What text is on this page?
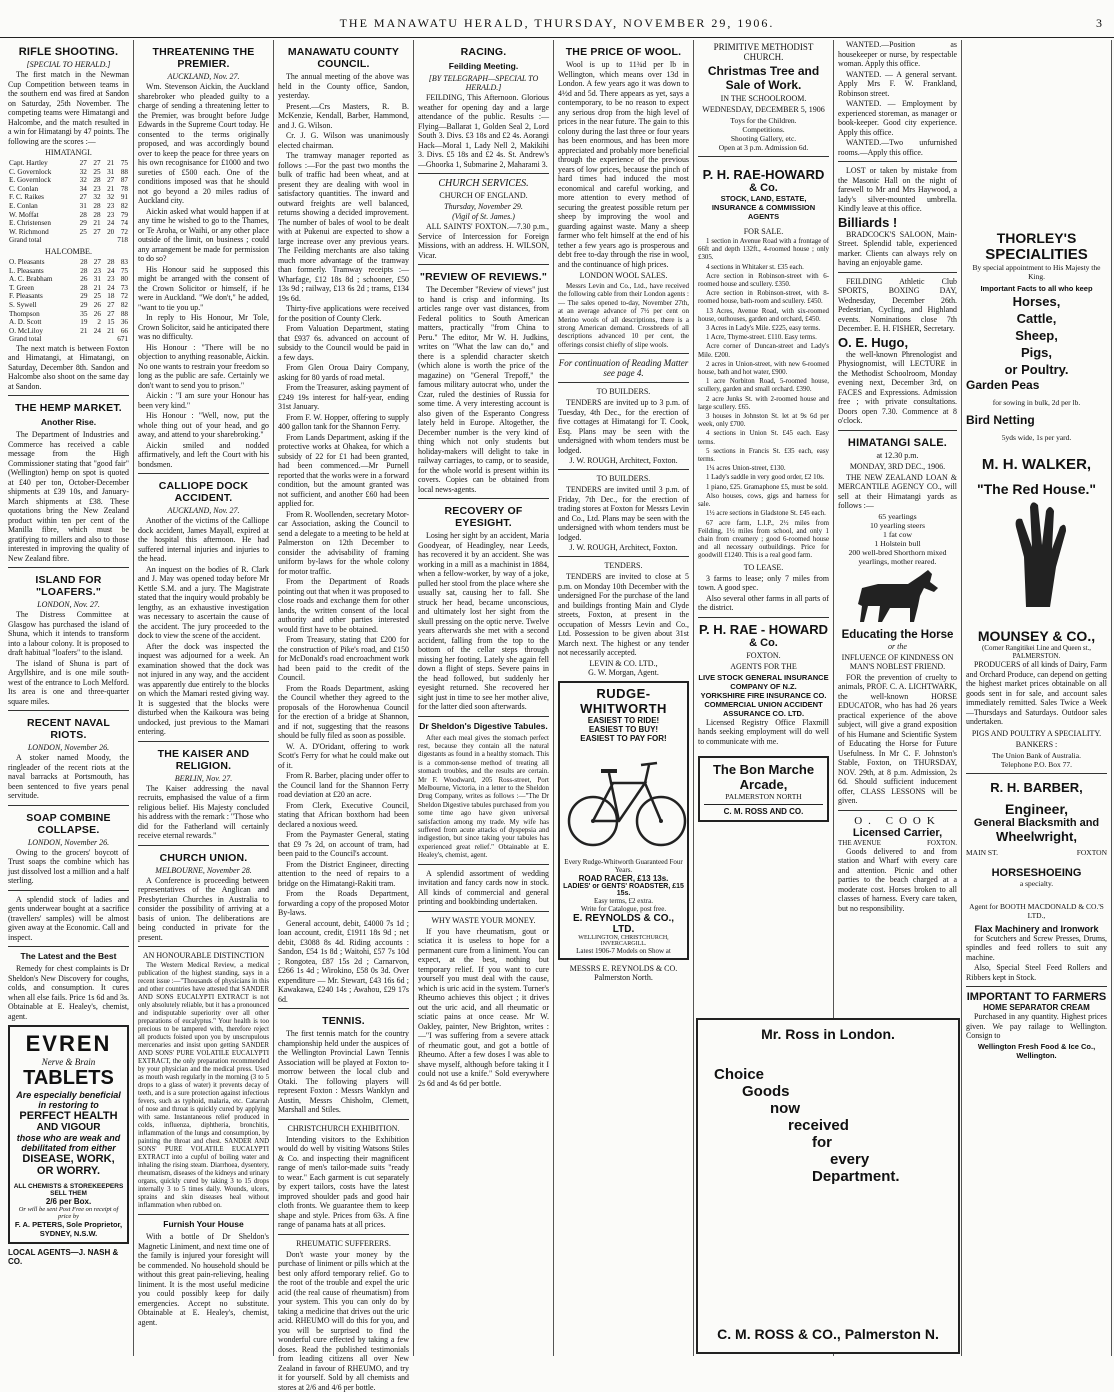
THE MANAWATU HERALD, THURSDAY, NOVEMBER 29, 1906.	3
RIFLE SHOOTING.
[SPECIAL TO HERALD.]

The first match in the Newman Cup Competition between teams in the southern end was fired at Sandon on Saturday, 25th November. The competing teams were Himatangi and Halcombe, and the match resulted in a win for Himatangi by 47 points. The following are the scores :—

HIMATANGI.
Capt. Hartley	27	27	21	75
C. Governlock	32	25	31	88
E. Governlock	32	28	27	87
C. Conlan	34	23	21	78
F. C. Raikes	27	32	32	91
E. Conlan	31	28	23	82
W. Moffat	28	28	23	79
E. Christensen	29	21	24	74
W. Richmond	25	27	20	72
Grand total	718
HALCOMBE.
O. Pleasants	28	27	28	83
L. Pleasants	28	23	24	75
A. C. Brabham	26	31	23	80
T. Green	28	21	24	73
F. Pleasants	29	25	18	72
S. Sywell	29	26	27	82
Thompson	35	26	27	88
A. D. Scott	19	2	15	36
O. McLiloy	21	24	21	66
Grand total	671

The next match is between Foxton and Himatangi, at Himatangi, on Saturday, December 8th. Sandon and Halcombe also shoot on the same day at Sandon.

THE HEMP MARKET.
Another Rise.

The Department of Industries and Commerce has received a cable message from the High Commissioner stating that "good fair" (Wellington) hemp on spot is quoted at £40 per ton, October-December shipments at £39 10s, and January-March shipments at £38. These quotations bring the New Zealand product within ten per cent of the Manilla fibre, which must be gratifying to millers and also to those interested in improving the quality of New Zealand fibre.

ISLAND FOR "LOAFERS."
LONDON, Nov. 27.

The Distress Committee at Glasgow has purchased the island of Shuna, which it intends to transform into a labour colony. It is proposed to draft habitual "loafers" to the island.

The island of Shuna is part of Argyllshire, and is one mile south-west of the entrance to Loch Melford. Its area is one and three-quarter square miles.

RECENT NAVAL RIOTS.
LONDON, November 26.

A stoker named Moody, the ringleader of the recent riots at the naval barracks at Portsmouth, has been sentenced to five years penal servitude.

SOAP COMBINE COLLAPSE.
LONDON, November 26.

Owing to the grocers' boycott of Trust soaps the combine which has just dissolved lost a million and a half sterling.

A splendid stock of ladies and gents underwear bought at a sacrifice (travellers' samples) will be almost given away at the Economic. Call and inspect.

The Latest and the Best

Remedy for chest complaints is Dr Sheldon's New Discovery for coughs, colds, and consumption. It cures when all else fails. Price 1s 6d and 3s. Obtainable at E. Healey's, chemist, agent.

EVREN
Nerve & Brain
TABLETS
Are especially beneficial
in restoring to
PERFECT HEALTH
AND VIGOUR
those who are weak and
debilitated from either
DISEASE, WORK,
OR WORRY.
ALL CHEMISTS & STOREKEEPERS SELL THEM
2/6 per Box.
Or will be sent Post Free on receipt of price by
F. A. PETERS, Sole Proprietor,
SYDNEY, N.S.W.
LOCAL AGENTS—J. NASH & CO.
THREATENING THE PREMIER.
AUCKLAND, Nov. 27.

Wm. Stevenson Aickin, the Auckland sharebroker who pleaded guilty to a charge of sending a threatening letter to the Premier, was brought before Judge Edwards in the Supreme Court today. He consented to the terms originally proposed, and was accordingly bound over to keep the peace for three years on his own recognisance for £1000 and two sureties of £500 each. One of the conditions imposed was that he should not go beyond a 20 miles radius of Auckland city.

Aickin asked what would happen if at any time he wished to go to the Thames, or Te Aroha, or Waihi, or any other place outside of the limit, on business ; could any arrangement be made for permission to do so?

His Honour said he supposed this might be arranged with the consent of the Crown Solicitor or himself, if he were in Auckland. "We don't," he added, "want to tie you up."

In reply to His Honour, Mr Tole, Crown Solicitor, said he anticipated there was no difficulty.

His Honour : "There will be no objection to anything reasonable, Aickin. No one wants to restrain your freedom so long as the public are safe. Certainly we don't want to send you to prison."

Aickin : "I am sure your Honour has been very kind."

His Honour : "Well, now, put the whole thing out of your head, and go away, and attend to your sharebroking."

Aickin smiled and nodded affirmatively, and left the Court with his bondsmen.

CALLIOPE DOCK ACCIDENT.
AUCKLAND, Nov. 27.

Another of the victims of the Calliope dock accident, James Mayall, expired at the hospital this afternoon. He had suffered internal injuries and injuries to the head.

An inquest on the bodies of R. Clark and J. May was opened today before Mr Kettle S.M. and a jury. The Magistrate stated that the inquiry would probably be lengthy, as an exhaustive investigation was necessary to ascertain the cause of the accident. The jury proceeded to the dock to view the scene of the accident.

After the dock was inspected the inquest was adjourned for a week. An examination showed that the dock was not injured in any way, and the accident was apparently due entirely to the blocks on which the Mamari rested giving way. It is suggested that the blocks were disturbed when the Kaikoura was being undocked, just previous to the Mamari entering.

THE KAISER AND RELIGION.
BERLIN, Nov. 27.

The Kaiser addressing the naval recruits, emphasised the value of a firm religious belief. His Majesty concluded his address with the remark : "Those who did for the Fatherland will certainly receive eternal rewards."

CHURCH UNION.
MELBOURNE, November 28.

A Conference is proceeding between representatives of the Anglican and Presbyterian Churches in Australia to consider the possibility of arriving at a basis of union. The deliberations are being conducted in private for the present.

AN HONOURABLE DISTINCTION

The Western Medical Review, a medical publication of the highest standing, says in a recent issue :—"Thousands of physicians in this and other countries have attested that SANDER AND SONS EUCALYPTI EXTRACT is not only absolutely reliable, but it has a pronounced and indisputable superiority over all other preparations of eucalyptus." Your health is too precious to be tampered with, therefore reject all products foisted upon you by unscrupulous mercenaries and insist upon getting SANDER AND SONS' PURE VOLATILE EUCALYPTI EXTRACT, the only preparation recommended by your physician and the medical press. Used as mouth wash regularly in the morning (3 to 5 drops to a glass of water) it prevents decay of teeth, and is a sure protection against infectious fevers, such as typhoid, malaria, etc. Catarrah of nose and throat is quickly cured by applying with same. Instantaneous relief produced in colds, influenza, diphtheria, bronchitis, inflammation of the lungs and consumption, by painting the throat and chest. SANDER AND SONS' PURE VOLATILE EUCALYPTI EXTRACT into a cupful of boiling water and inhaling the rising steam. Diarrhoea, dysentery, rheumatism, diseases of the kidneys and urinary organs, quickly cured by taking 3 to 15 drops internally 3 to 5 times daily. Wounds, ulcers, sprains and skin diseases heal without inflammation when rubbed on.

Furnish Your House

With a bottle of Dr Sheldon's Magnetic Liniment, and next time one of the family is injured your foresight will be commended. No household should be without this great pain-relieving, healing liniment. It is the most useful medicine you could possibly keep for daily emergencies. Accept no substitute. Obtainable at E. Healey's, chemist, agent.

MANAWATU COUNTY COUNCIL.

The annual meeting of the above was held in the County office, Sandon, yesterday.

Present.—Crs Masters, R. B. McKenzie, Kendall, Barber, Hammond, and J. G. Wilson.

Cr. J. G. Wilson was unanimously elected chairman.

The tramway manager reported as follows :—For the past two months the bulk of traffic had been wheat, and at present they are dealing with wool in satisfactory quantities. The inward and outward freights are well balanced, returns showing a decided improvement. The number of bales of wool to be dealt with at Pukenui are expected to show a large increase over any previous years. The Feilding merchants are also taking much more advantage of the tramway than formerly. Tramway receipts :—Wharfage, £12 18s 8d ; schooner, £50 13s 9d ; railway, £13 6s 2d ; trams, £134 19s 6d.

Thirty-five applications were received for the position of County Clerk.

From Valuation Department, stating that £937 6s. advanced on account of subsidy to the Council would be paid in a few days.

From Glen Oroua Dairy Company, asking for 80 yards of road metal.

From the Treasurer, asking payment of £249 19s interest for half-year, ending 31st January.

From F. W. Hopper, offering to supply 400 gallon tank for the Shannon Ferry.

From Lands Department, asking if the protective works at Ohakea, for which a subsidy of 22 for £1 had been granted, had been commenced.—Mr Purnell reported that the works were in a forward condition, but the amount granted was not sufficient, and another £60 had been applied for.

From R. Woollenden, secretary Motor-car Association, asking the Council to send a delegate to a meeting to be held at Palmerston on 12th December to consider the advisability of framing uniform by-laws for the whole colony for motor traffic.

From the Department of Roads pointing out that when it was proposed to close roads and exchange them for other lands, the written consent of the local authority and other parties interested would first have to be obtained.

From Treasury, stating that £200 for the construction of Pike's road, and £150 for McDonald's road encroachment work had been paid to the credit of the Council.

From the Roads Department, asking the Council whether they agreed to the proposals of the Horowhenua Council for the erection of a bridge at Shannon, and if not, suggesting that the reasons should be fully filed as soon as possible.

W. A. D'Oridant, offering to work Scott's Ferry for what he could make out of it.

From R. Barber, placing under offer to the Council land for the Shannon Ferry road deviation at £20 an acre.

From Clerk, Executive Council, stating that African boxthorn had been declared a noxious weed.

From the Paymaster General, stating that £9 7s 2d, on account of tram, had been paid to the Council's account.

From the District Engineer, directing attention to the need of repairs to a bridge on the Himatangi-Rakiti tram.

From the Roads Department, forwarding a copy of the proposed Motor By-laws.

General account, debit, £4000 7s 1d ; loan account, credit, £1911 18s 9d ; net debit, £3088 8s 4d. Riding accounts : Sandon, £54 1s 8d ; Waitohi, £57 7s 10d ; Rongotea, £87 15s 2d ; Carnarvon, £266 1s 4d ; Wirokino, £58 0s 3d. Over expenditure — Mr. Stewart, £43 16s 6d ; Kawakawa, £240 14s ; Awahou, £29 17s 6d.

TENNIS.

The first tennis match for the country championship held under the auspices of the Wellington Provincial Lawn Tennis Association will be played at Foxton to-morrow between the local club and Otaki. The following players will represent Foxton : Messrs Wanklyn and Austin, Messrs Chisholm, Clemett, Marshall and Stiles.

CHRISTCHURCH EXHIBITION.

Intending visitors to the Exhibition would do well by visiting Watsons Stiles & Co. and inspecting their magnificent range of men's tailor-made suits "ready to wear." Each garment is cut separately by expert tailors, costs have the latest improved shoulder pads and good hair cloth fronts. We guarantee them to keep shape and style. Prices from 63s. A fine range of panama hats at all prices.

RHEUMATIC SUFFERERS.

Don't waste your money by the purchase of liniment or pills which at the best only afford temporary relief. Go to the root of the trouble and expel the uric acid (the real cause of rheumatism) from your system. This you can only do by taking a medicine that drives out the uric acid. RHEUMO will do this for you, and you will be surprised to find the wonderful cure effected by taking a few doses. Read the published testimonials from leading citizens all over New Zealand in favour of RHEUMO, and try it for yourself. Sold by all chemists and stores at 2/6 and 4/6 per bottle.

RACING.
Feilding Meeting.
[BY TELEGRAPH—SPECIAL TO HERALD.]

FEILDING, This Afternoon. Glorious weather for opening day and a large attendance of the public. Results :— Flying—Ballarat 1, Golden Seal 2, Lord South 3. Divs. £3 18s and £2 4s. Aorangi Hack—Moral 1, Lady Nell 2, Makikihi 3. Divs. £5 18s and £2 4s. St. Andrew's—Ghoorka 1, Submarine 2, Maharami 3.

CHURCH SERVICES.
CHURCH OF ENGLAND.
Thursday, November 29.
(Vigil of St. James.)

ALL SAINTS' FOXTON.—7.30 p.m., Service of Intercession for Foreign Missions, with an address. H. WILSON, Vicar.

"REVIEW OF REVIEWS."

The December "Review of views" just to hand is crisp and informing. Its articles range over vast distances, from Federal politics to South American matters, practically "from China to Peru." The editor, Mr W. H. Judkins, writes on "What the law can do," and there is a splendid character sketch (which alone is worth the price of the magazine) on "General Trepoff," the famous military autocrat who, under the Czar, ruled the destinies of Russia for some time. A very interesting account is also given of the Esperanto Congress lately held in Europe. Altogether, the December number is the very kind of thing which not only students but holiday-makers will delight to take in railway carriages, to camp, or to seaside, for the whole world is present within its covers. Copies can be obtained from local news-agents.

RECOVERY OF EYESIGHT.

Losing her sight by an accident, Maria Goodyear, of Headingley, near Leeds, has recovered it by an accident. She was working in a mill as a machinist in 1884, when a fellow-worker, by way of a joke, pulled her stool from the place where she usually sat, causing her to fall. She struck her head, became unconscious, and ultimately lost her sight from the skull pressing on the optic nerve. Twelve years afterwards she met with a second accident, falling from the top to the bottom of the cellar steps through missing her footing. Lately she again fell down a flight of steps. Severe pains in the head followed, but suddenly her eyesight returned. She recovered her sight just in time to see her mother alive, for the latter died soon afterwards.

Dr Sheldon's Digestive Tabules.

After each meal gives the stomach perfect rest, because they contain all the natural digestants as found in a healthy stomach. This is a common-sense method of treating all stomach troubles, and the results are certain. Mr F. Woodward, 205 Ross-street, Port Melbourne, Victoria, in a letter to the Sheldon Drug Company, writes as follows :—"The Dr Sheldon Digestive tabules purchased from you some time ago have given universal satisfaction among my trade. My wife has suffered from acute attacks of dyspepsia and indigestion, but since taking your tabules has experienced great relief." Obtainable at E. Healey's, chemist, agent.

A splendid assortment of wedding invitation and fancy cards now in stock. All kinds of commercial and general printing and bookbinding undertaken.

WHY WASTE YOUR MONEY.

If you have rheumatism, gout or sciatica it is useless to hope for a permanent cure from a liniment. You can expect, at the best, nothing but temporary relief. If you want to cure yourself you must deal with the cause, which is uric acid in the system. Turner's Rheumo achieves this object ; it drives out the uric acid, and all rheumatic or sciatic pains at once cease. Mr W. Oakley, painter, New Brighton, writes : —"I was suffering from a severe attack of rheumatic gout, and got a bottle of Rheumo. After a few doses I was able to shave myself, although before taking it I could not use a knife." Sold everywhere 2s 6d and 4s 6d per bottle.

THE PRICE OF WOOL.

Wool is up to 11¾d per lb in Wellington, which means over 13d in London. A few years ago it was down to 4½d and 5d. There appears as yet, says a contemporary, to be no reason to expect any serious drop from the high level of prices in the near future. The gain to this colony during the last three or four years has been enormous, and has been more appreciated and probably more beneficial through the experience of the previous years of low prices, because the pinch of hard times had induced the most economical and careful working, and more attention to every method of securing the greatest possible return per sheep by improving the wool and guarding against waste. Many a sheep farmer who felt himself at the end of his tether a few years ago is prosperous and debt free to-day through the rise in wool, and the continuance of high prices.

LONDON WOOL SALES.

Messrs Levin and Co., Ltd., have received the following cable from their London agents :— The sales opened to-day, November 27th, at an average advance of 7½ per cent on Merino wools of all descriptions, there is a strong American demand. Crossbreds of all descriptions advanced 10 per cent, the offerings consist chiefly of slipe wools.

For continuation of Reading Matter see page 4.
TO BUILDERS.

TENDERS are invited up to 3 p.m. of Tuesday, 4th Dec., for the erection of five cottages at Himatangi for T. Cook, Esq. Plans may be seen with the undersigned with whom tenders must be lodged.

J. W. ROUGH, Architect, Foxton.
TO BUILDERS.

TENDERS are invited until 3 p.m. of Friday, 7th Dec., for the erection of trading stores at Foxton for Messrs Levin and Co., Ltd. Plans may be seen with the undersigned with whom tenders must be lodged.

J. W. ROUGH, Architect, Foxton.
TENDERS.

TENDERS are invited to close at 5 p.m. on Monday 10th December with the undersigned For the purchase of the land and buildings fronting Main and Clyde streets, Foxton, at present in the occupation of Messrs Levin and Co., Ltd. Possession to be given about 31st March next. The highest or any tender not necessarily accepted.

LEVIN & CO. LTD.,
G. W. Morgan, Agent.
RUDGE-WHITWORTH
EASIEST TO RIDE!
EASIEST TO BUY!
EASIEST TO PAY FOR!
Every Rudge-Whitworth Guaranteed Four Years.
ROAD RACER, £13 13s.
LADIES' or GENTS' ROADSTER, £15 15s.
Easy terms, £2 extra.
Write for Catalogue, post free.
E. REYNOLDS & CO., LTD.
WELLINGTON, CHRISTCHURCH, INVERCARGILL.
Latest 1906-7 Models on Show at
MESSRS E. REYNOLDS & CO.
Palmerston North.
PRIMITIVE METHODIST CHURCH.
Christmas Tree and Sale of Work.
IN THE SCHOOLROOM.
WEDNESDAY, DECEMBER 5, 1906

Toys for the Children.

Competitions.

Shooting Gallery, etc.

Open at 3 p.m. Admission 6d.

P. H. RAE-HOWARD
& Co.
STOCK, LAND, ESTATE, INSURANCE & COMMISSION AGENTS
FOR SALE.

1 section in Avenue Road with a frontage of 66ft and depth 132ft., 4-roomed house ; only £305.

4 sections in Whitaker st. £35 each.

Acre section in Robinson-street with 6-roomed house and scullery. £350.

Acre section in Robinson-street, with 8-roomed house, bath-room and scullery. £450.

13 Acres, Avenue Road, with six-roomed house, outhouses, garden and orchard, £450.

3 Acres in Lady's Mile. £225, easy terms.

1 Acre, Thyme-street. £110. Easy terms.

Acre corner of Duncan-street and Lady's Mile. £200.

2 acres in Union-street, with new 6-roomed house, bath and hot water, £900.

1 acre Norbiton Road, 5-roomed house, scullery, garden and small orchard. £390.

2 acre Junks St. with 2-roomed house and large scullery. £65.

3 houses in Johnston St. let at 9s 6d per week, only £700.

4 sections in Union St. £45 each. Easy terms.

5 sections in Francis St. £35 each, easy terms.

1¼ acres Union-street, £130.

1 Lady's saddle in very good order, £2 10s.

1 piano, £25. Gramaphone £5, must be sold.

Also houses, cows, gigs and harness for sale.

1½ acre sections in Gladstone St. £45 each.

67 acre farm, L.I.P., 2½ miles from Feilding, 1½ miles from school, and only 1 chain from creamery ; good 6-roomed house and all necessary outbuildings. Price for goodwill £1240. This is a real good farm.

TO LEASE.

3 farms to lease; only 7 miles from town. A good spec.

Also several other farms in all parts of the district.

P. H. RAE - HOWARD
& Co.
FOXTON.
AGENTS FOR THE
LIVE STOCK GENERAL INSURANCE COMPANY OF N.Z.
YORKSHIRE FIRE INSURANCE CO.
COMMERCIAL UNION ACCIDENT ASSURANCE CO. LTD.

Licensed Registry Office Flaxmill hands seeking employment will do well to communicate with me.

The Bon Marche
Arcade,
PALMERSTON NORTH
C. M. ROSS AND CO.

WANTED.—Position as housekeeper or nurse, by respectable woman. Apply this office.

WANTED. — A general servant. Apply Mrs F. W. Frankland, Robinson street.

WANTED. — Employment by experienced storeman, as manager or book-keeper. Good city experience. Apply this office.

WANTED.—Two unfurnished rooms.—Apply this office.

LOST or taken by mistake from the Masonic Hall on the night of farewell to Mr and Mrs Haywood, a lady's silver-mounted umbrella. Kindly leave at this office.

Billiards !

BRADCOCK'S SALOON, Main-Street. Splendid table, experienced marker. Clients can always rely on having an enjoyable game.

FEILDING Athletic Club SPORTS, BOXING DAY, Wednesday, December 26th. Pedestrian, Cycling, and Highland events. Nominations close 7th December. E. H. FISHER, Secretary.

O. E. Hugo,

the well-known Phrenologist and Physiognomist, will LECTURE in the Methodist Schoolroom, Monday evening next, December 3rd, on FACES and Expressions. Admission free ; with private consultations. Doors open 7.30. Commence at 8 o'clock.

HIMATANGI SALE.
at 12.30 p.m.
MONDAY, 3RD DEC., 1906.

THE NEW ZEALAND LOAN & MERCANTILE AGENCY CO., will sell at their Himatangi yards as follows :—

65 yearlings

10 yearling steers

1 fat cow

1 Holstein bull

200 well-bred Shorthorn mixed yearlings, mother reared.

Educating the Horse
or the
INFLUENCE OF KINDNESS ON MAN'S NOBLEST FRIEND.

FOR the prevention of cruelty to animals, PROF. C. A. LICHTWARK, the well-known HORSE EDUCATOR, who has had 26 years practical experience of the above subject, will give a grand exposition of his Humane and Scientific System of Educating the Horse for Future Usefulness. In Mr C. F. Johnston's Stable, Foxton, on THURSDAY, NOV. 29th, at 8 p.m. Admission, 2s 6d. Should sufficient inducement offer, CLASS LESSONS will be given.

O. COOK
Licensed Carrier,
THE AVENUE	FOXTON.

Goods delivered to and from station and Wharf with every care and attention. Picnic and other parties to the beach charged at a moderate cost. Horses broken to all classes of harness. Every care taken, but no responsibility.

Mr. Ross in London.
Choice
Goods
now
received
for
every
Department.
C. M. ROSS & CO., Palmerston N.
THORLEY'S
SPECIALITIES
By special appointment to His Majesty the King.
Important Facts to all who keep
Horses,
Cattle,
Sheep,
Pigs,
or Poultry.
Garden Peas
for sowing in bulk, 2d per lb.
Bird Netting
5yds wide, 1s per yard.
M. H. WALKER,
"The Red House."
MOUNSEY & CO.,
(Corner Rangitikei Line and Queen st., PALMERSTON.

PRODUCERS of all kinds of Dairy, Farm and Orchard Produce, can depend on getting the highest market prices obtainable on all goods sent in for sale, and account sales immediately remitted. Sales Twice a Week—Thursdays and Saturdays. Outdoor sales undertaken.

PIGS AND POULTRY A SPECIALITY.
BANKERS :
The Union Bank of Australia.
Telephone P.O. Box 77.
R. H. BARBER,
Engineer,
General Blacksmith and
Wheelwright,
MAIN ST.	FOXTON
HORSESHOEING
a specialty.
Agent for BOOTH MACDONALD & CO.'S LTD.,
Flax Machinery and Ironwork

for Scutchers and Screw Presses, Drums, spindles and feed rollers to suit any machine.

Also, Special Steel Feed Rollers and Ribbers kept in Stock.

IMPORTANT TO FARMERS
HOME SEPARATOR CREAM

Purchased in any quantity. Highest prices given. We pay railage to Wellington. Consign to

Wellington Fresh Food & Ice Co., Wellington.
